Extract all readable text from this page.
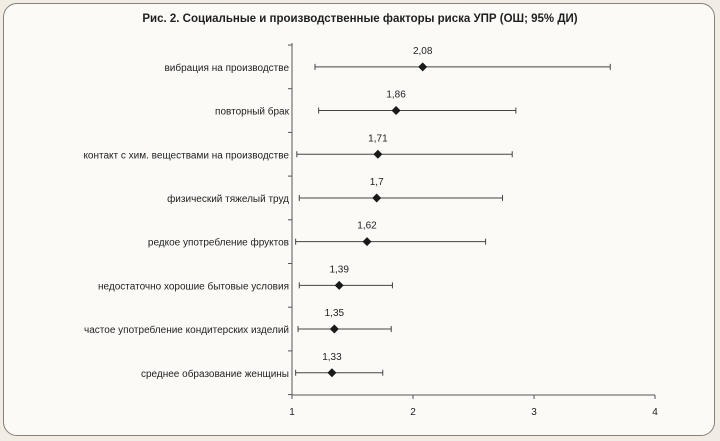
Рис. 2. Социальные и производственные факторы риска УПР (ОШ; 95% ДИ)
1	2	3	4
вибрация на производстве
2,08
повторный брак
1,86
контакт с хим. веществами на производстве
1,71
физический тяжелый труд
1,7
редкое употребление фруктов
1,62
недостаточно хорошие бытовые условия
1,39
частое употребление кондитерских изделий
1,35
среднее образование женщины
1,33
